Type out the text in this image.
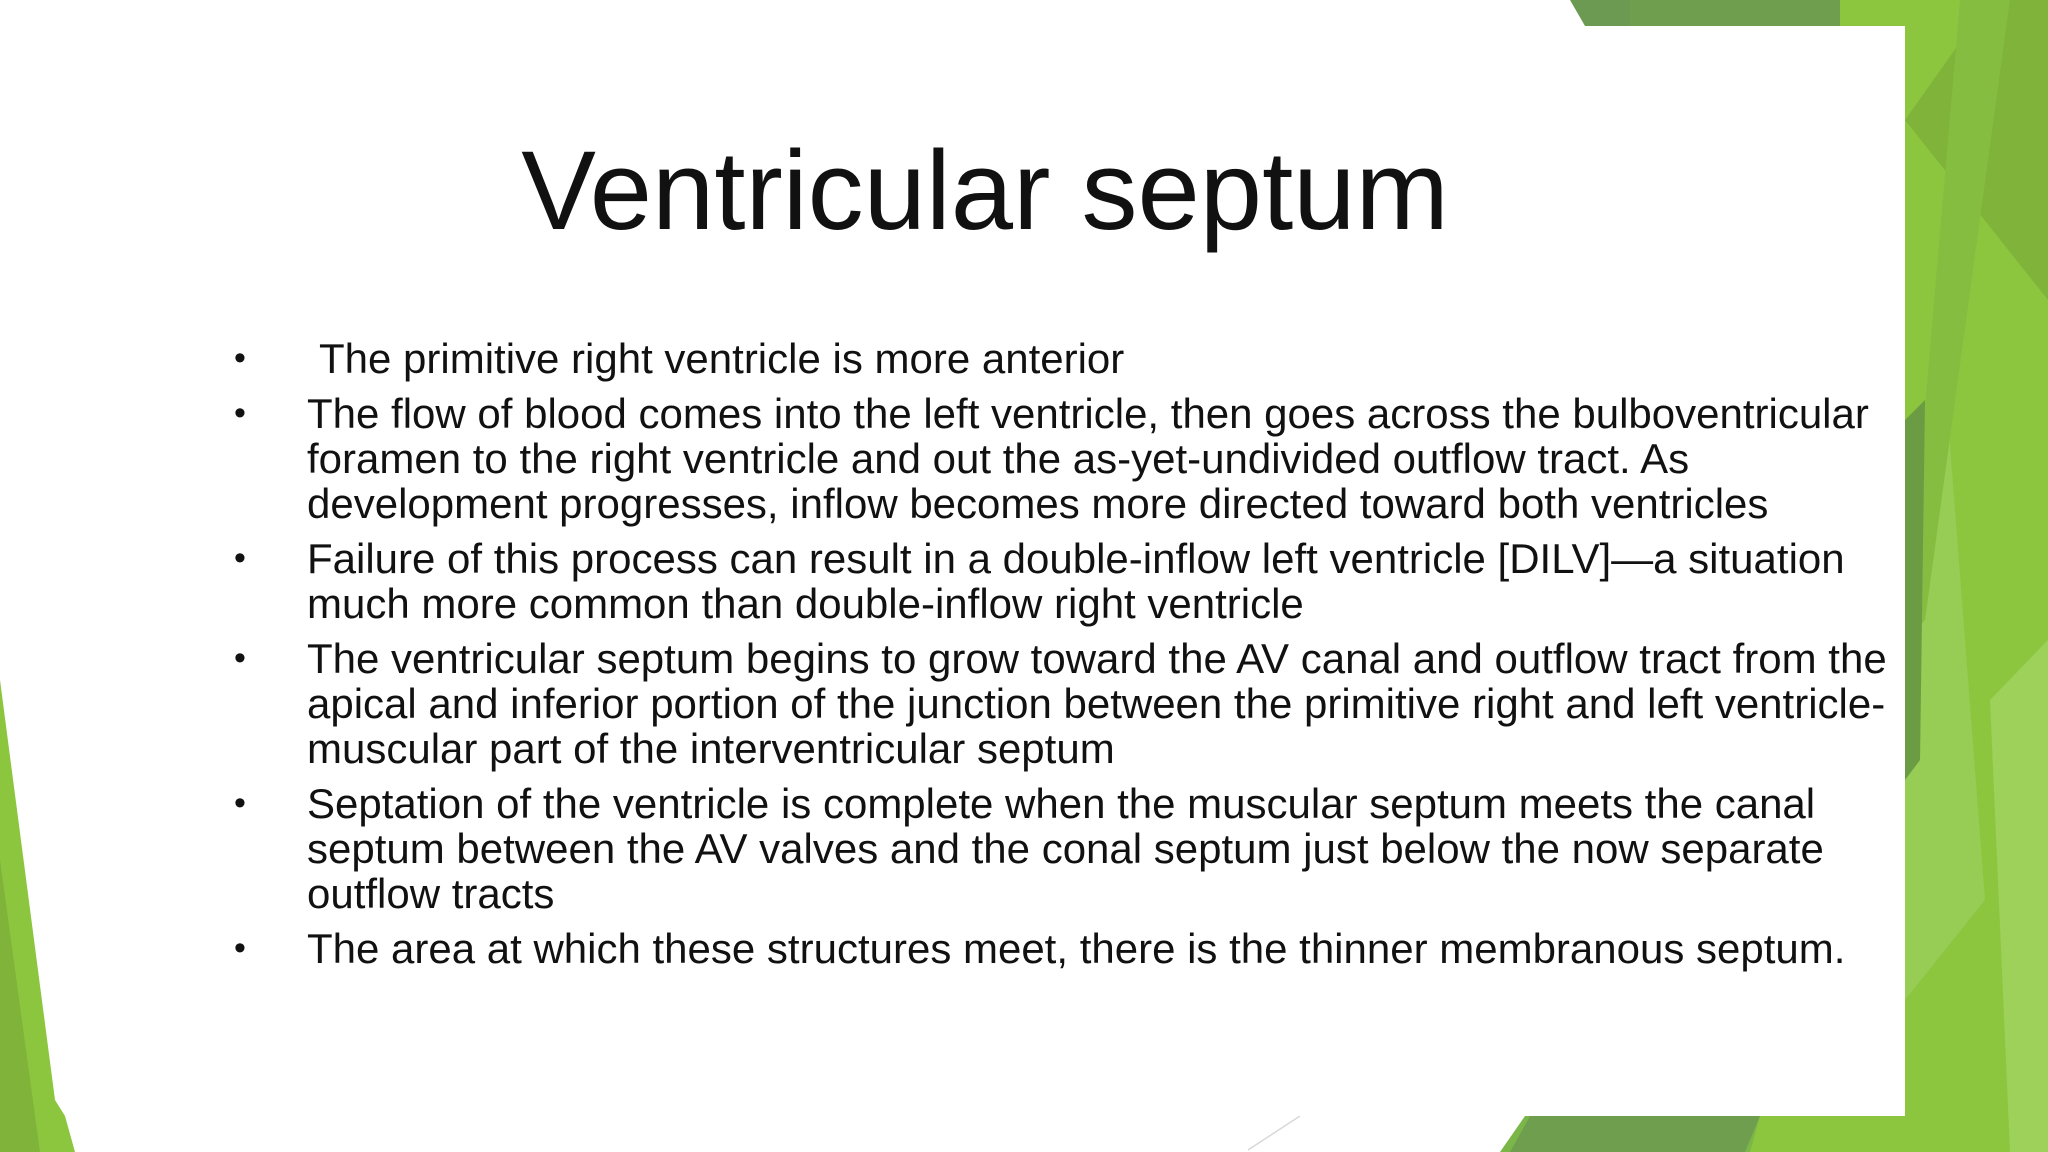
Ventricular septum
• The primitive right ventricle is more anterior
• The flow of blood comes into the left ventricle, then goes across the bulboventricular foramen to the right ventricle and out the as-yet-undivided outflow tract. As development progresses, inflow becomes more directed toward both ventricles
• Failure of this process can result in a double-inflow left ventricle [DILV]—a situation much more common than double-inflow right ventricle
• The ventricular septum begins to grow toward the AV canal and outflow tract from the apical and inferior portion of the junction between the primitive right and left ventricle- muscular part of the interventricular septum
• Septation of the ventricle is complete when the muscular septum meets the canal septum between the AV valves and the conal septum just below the now separate outflow tracts
• The area at which these structures meet, there is the thinner membranous septum.
